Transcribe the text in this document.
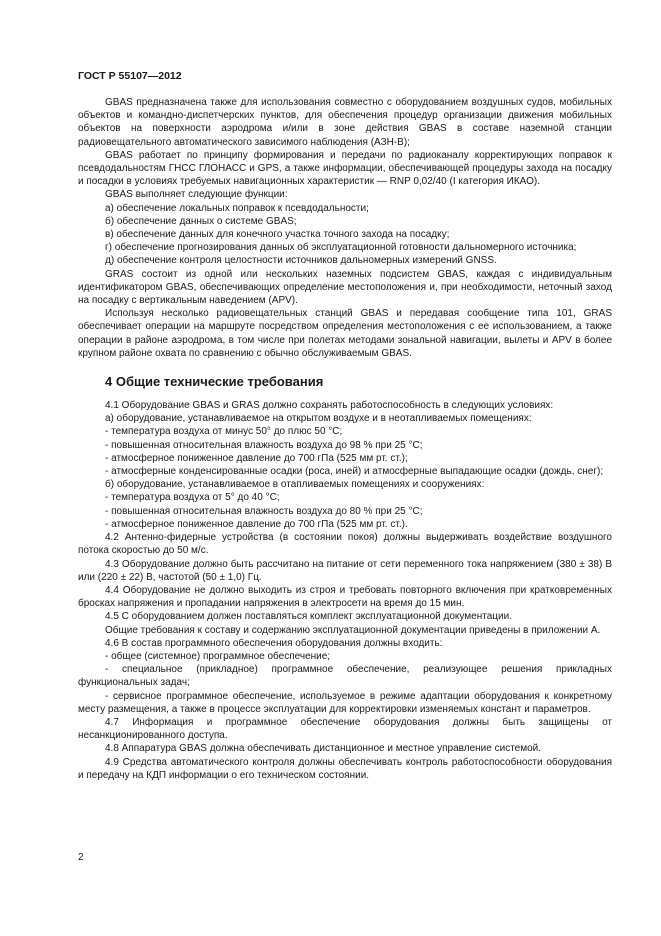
ГОСТ Р 55107—2012

GBAS предназначена также для использования совместно с оборудованием воздушных судов, мобильных объектов и командно-диспетчерских пунктов, для обеспечения процедур организации движения мобильных объектов на поверхности аэродрома и/или в зоне действия GBAS в составе наземной станции радиовещательного автоматического зависимого наблюдения (АЗН-В);

GBAS работает по принципу формирования и передачи по радиоканалу корректирующих поправок к псевдодальностям ГНСС ГЛОНАСС и GPS, а также информации, обеспечивающей процедуры захода на посадку и посадки в условиях требуемых навигационных характеристик — RNP 0,02/40 (I категория ИКАО).

GBAS выполняет следующие функции:

а) обеспечение локальных поправок к псевдодальности;

б) обеспечение данных о системе GBAS;

в) обеспечение данных для конечного участка точного захода на посадку;

г) обеспечение прогнозирования данных об эксплуатационной готовности дальномерного источника;

д) обеспечение контроля целостности источников дальномерных измерений GNSS.

GRAS состоит из одной или нескольких наземных подсистем GBAS, каждая с индивидуальным идентификатором GBAS, обеспечивающих определение местоположения и, при необходимости, неточный заход на посадку с вертикальным наведением (APV).

Используя несколько радиовещательных станций GBAS и передавая сообщение типа 101, GRAS обеспечивает операции на маршруте посредством определения местоположения с ее использованием, а также операции в районе аэродрома, в том числе при полетах методами зональной навигации, вылеты и APV в более крупном районе охвата по сравнению с обычно обслуживаемым GBAS.

4 Общие технические требования

4.1 Оборудование GBAS и GRAS должно сохранять работоспособность в следующих условиях:

а) оборудование, устанавливаемое на открытом воздухе и в неотапливаемых помещениях:

- температура воздуха от минус 50° до плюс 50 °С;

- повышенная относительная влажность воздуха до 98 % при 25 °С;

- атмосферное пониженное давление до 700 гПа (525 мм рт. ст.);

- атмосферные конденсированные осадки (роса, иней) и атмосферные выпадающие осадки (дождь, снег);

б) оборудование, устанавливаемое в отапливаемых помещениях и сооружениях:

- температура воздуха от 5° до 40 °С;

- повышенная относительная влажность воздуха до 80 % при 25 °С;

- атмосферное пониженное давление до 700 гПа (525 мм рт. ст.).

4.2 Антенно-фидерные устройства (в состоянии покоя) должны выдерживать воздействие воздушного потока скоростью до 50 м/с.

4.3 Оборудование должно быть рассчитано на питание от сети переменного тока напряжением (380 ± 38) В или (220 ± 22) В, частотой (50 ± 1,0) Гц.

4.4 Оборудование не должно выходить из строя и требовать повторного включения при кратковременных бросках напряжения и пропадании напряжения в электросети на время до 15 мин.

4.5 С оборудованием должен поставляться комплект эксплуатационной документации.

Общие требования к составу и содержанию эксплуатационной документации приведены в приложении А.

4.6 В состав программного обеспечения оборудования должны входить:

- общее (системное) программное обеспечение;

- специальное (прикладное) программное обеспечение, реализующее решения прикладных функциональных задач;

- сервисное программное обеспечение, используемое в режиме адаптации оборудования к конкретному месту размещения, а также в процессе эксплуатации для корректировки изменяемых констант и параметров.

4.7 Информация и программное обеспечение оборудования должны быть защищены от несанкционированного доступа.

4.8 Аппаратура GBAS должна обеспечивать дистанционное и местное управление системой.

4.9 Средства автоматического контроля должны обеспечивать контроль работоспособности оборудования и передачу на КДП информации о его техническом состоянии.

2
